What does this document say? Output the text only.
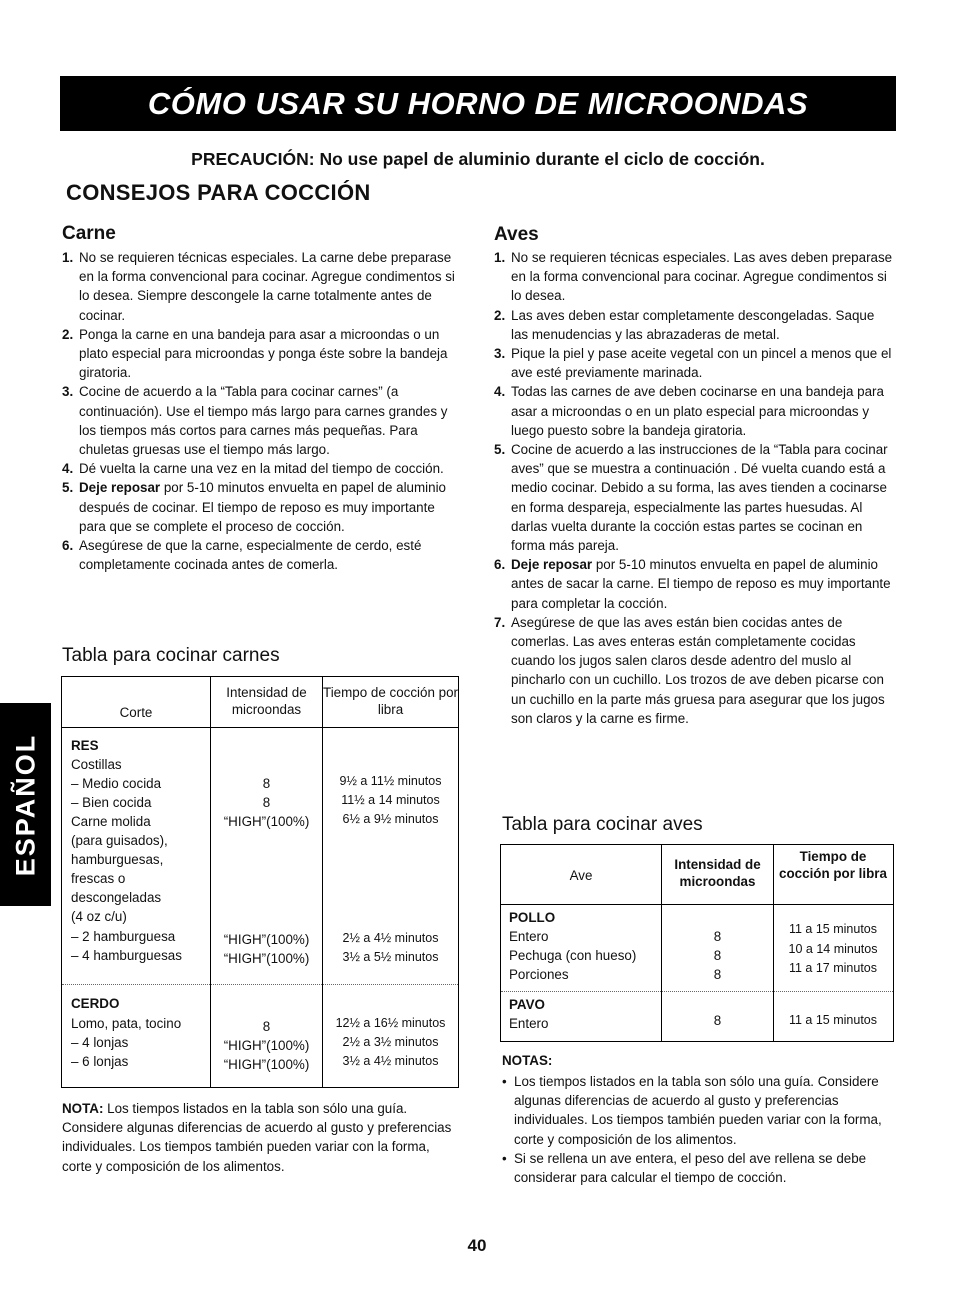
CÓMO USAR SU HORNO DE MICROONDAS
PRECAUCIÓN: No use papel de aluminio durante el ciclo de cocción.
CONSEJOS PARA COCCIÓN
ESPAÑOL
Carne
1. No se requieren técnicas especiales. La carne debe preparase en la forma convencional para cocinar. Agregue condimentos si lo desea. Siempre descongele la carne totalmente antes de cocinar.
2. Ponga la carne en una bandeja para asar a microondas o un plato especial para microondas y ponga éste sobre la bandeja giratoria.
3. Cocine de acuerdo a la “Tabla para cocinar carnes” (a continuación). Use el tiempo más largo para carnes grandes y los tiempos más cortos para carnes más pequeñas. Para chuletas gruesas use el tiempo más largo.
4. Dé vuelta la carne una vez en la mitad del tiempo de cocción.
5. Deje reposar por 5-10 minutos envuelta en papel de aluminio después de cocinar. El tiempo de reposo es muy importante para que se complete el proceso de cocción.
6. Asegúrese de que la carne, especialmente de cerdo, esté completamente cocinada antes de comerla.
Tabla para cocinar carnes
Corte
Intensidad de microondas
Tiempo de cocción por libra
RES
Costillas
– Medio cocida
– Bien cocida
Carne molida
(para guisados),
hamburguesas,
frescas o
descongeladas
(4 oz c/u)
– 2 hamburguesa
– 4 hamburguesas
8
8
“HIGH”(100%)
“HIGH”(100%)
“HIGH”(100%)
9½ a 11½ minutos
11½ a 14 minutos
6½ a 9½ minutos
2½ a 4½ minutos
3½ a 5½ minutos
CERDO
Lomo, pata, tocino
– 4 lonjas
– 6 lonjas
8
“HIGH”(100%)
“HIGH”(100%)
12½ a 16½ minutos
2½ a 3½ minutos
3½ a 4½ minutos
NOTA: Los tiempos listados en la tabla son sólo una guía. Considere algunas diferencias de acuerdo al gusto y preferencias individuales. Los tiempos también pueden variar con la forma, corte y composición de los alimentos.
Aves
1. No se requieren técnicas especiales. Las aves deben preparase en la forma convencional para cocinar. Agregue condimentos si lo desea.
2. Las aves deben estar completamente descongeladas. Saque las menudencias y las abrazaderas de metal.
3. Pique la piel y pase aceite vegetal con un pincel a menos que el ave esté previamente marinada.
4. Todas las carnes de ave deben cocinarse en una bandeja para asar a microondas o en un plato especial para microondas y luego puesto sobre la bandeja giratoria.
5. Cocine de acuerdo a las instrucciones de la “Tabla para cocinar aves” que se muestra a continuación . Dé vuelta cuando está a medio cocinar. Debido a su forma, las aves tienden a cocinarse en forma despareja, especialmente las partes huesudas. Al darlas vuelta durante la cocción estas partes se cocinan en forma más pareja.
6. Deje reposar por 5-10 minutos envuelta en papel de aluminio antes de sacar la carne. El tiempo de reposo es muy importante para completar la cocción.
7. Asegúrese de que las aves están bien cocidas antes de comerlas. Las aves enteras están completamente cocidas cuando los jugos salen claros desde adentro del muslo al pincharlo con un cuchillo. Los trozos de ave deben picarse con un cuchillo en la parte más gruesa para asegurar que los jugos son claros y la carne es firme.
Tabla para cocinar aves
Ave
Intensidad de microondas
Tiempo de cocción por libra
POLLO
Entero
Pechuga (con hueso)
Porciones
8
8
8
11 a 15 minutos
10 a 14 minutos
11 a 17 minutos
PAVO
Entero	8	11 a 15 minutos
NOTAS:
• Los tiempos listados en la tabla son sólo una guía. Considere algunas diferencias de acuerdo al gusto y preferencias individuales. Los tiempos también pueden variar con la forma, corte y composición de los alimentos.
• Si se rellena un ave entera, el peso del ave rellena se debe considerar para calcular el tiempo de cocción.
40
